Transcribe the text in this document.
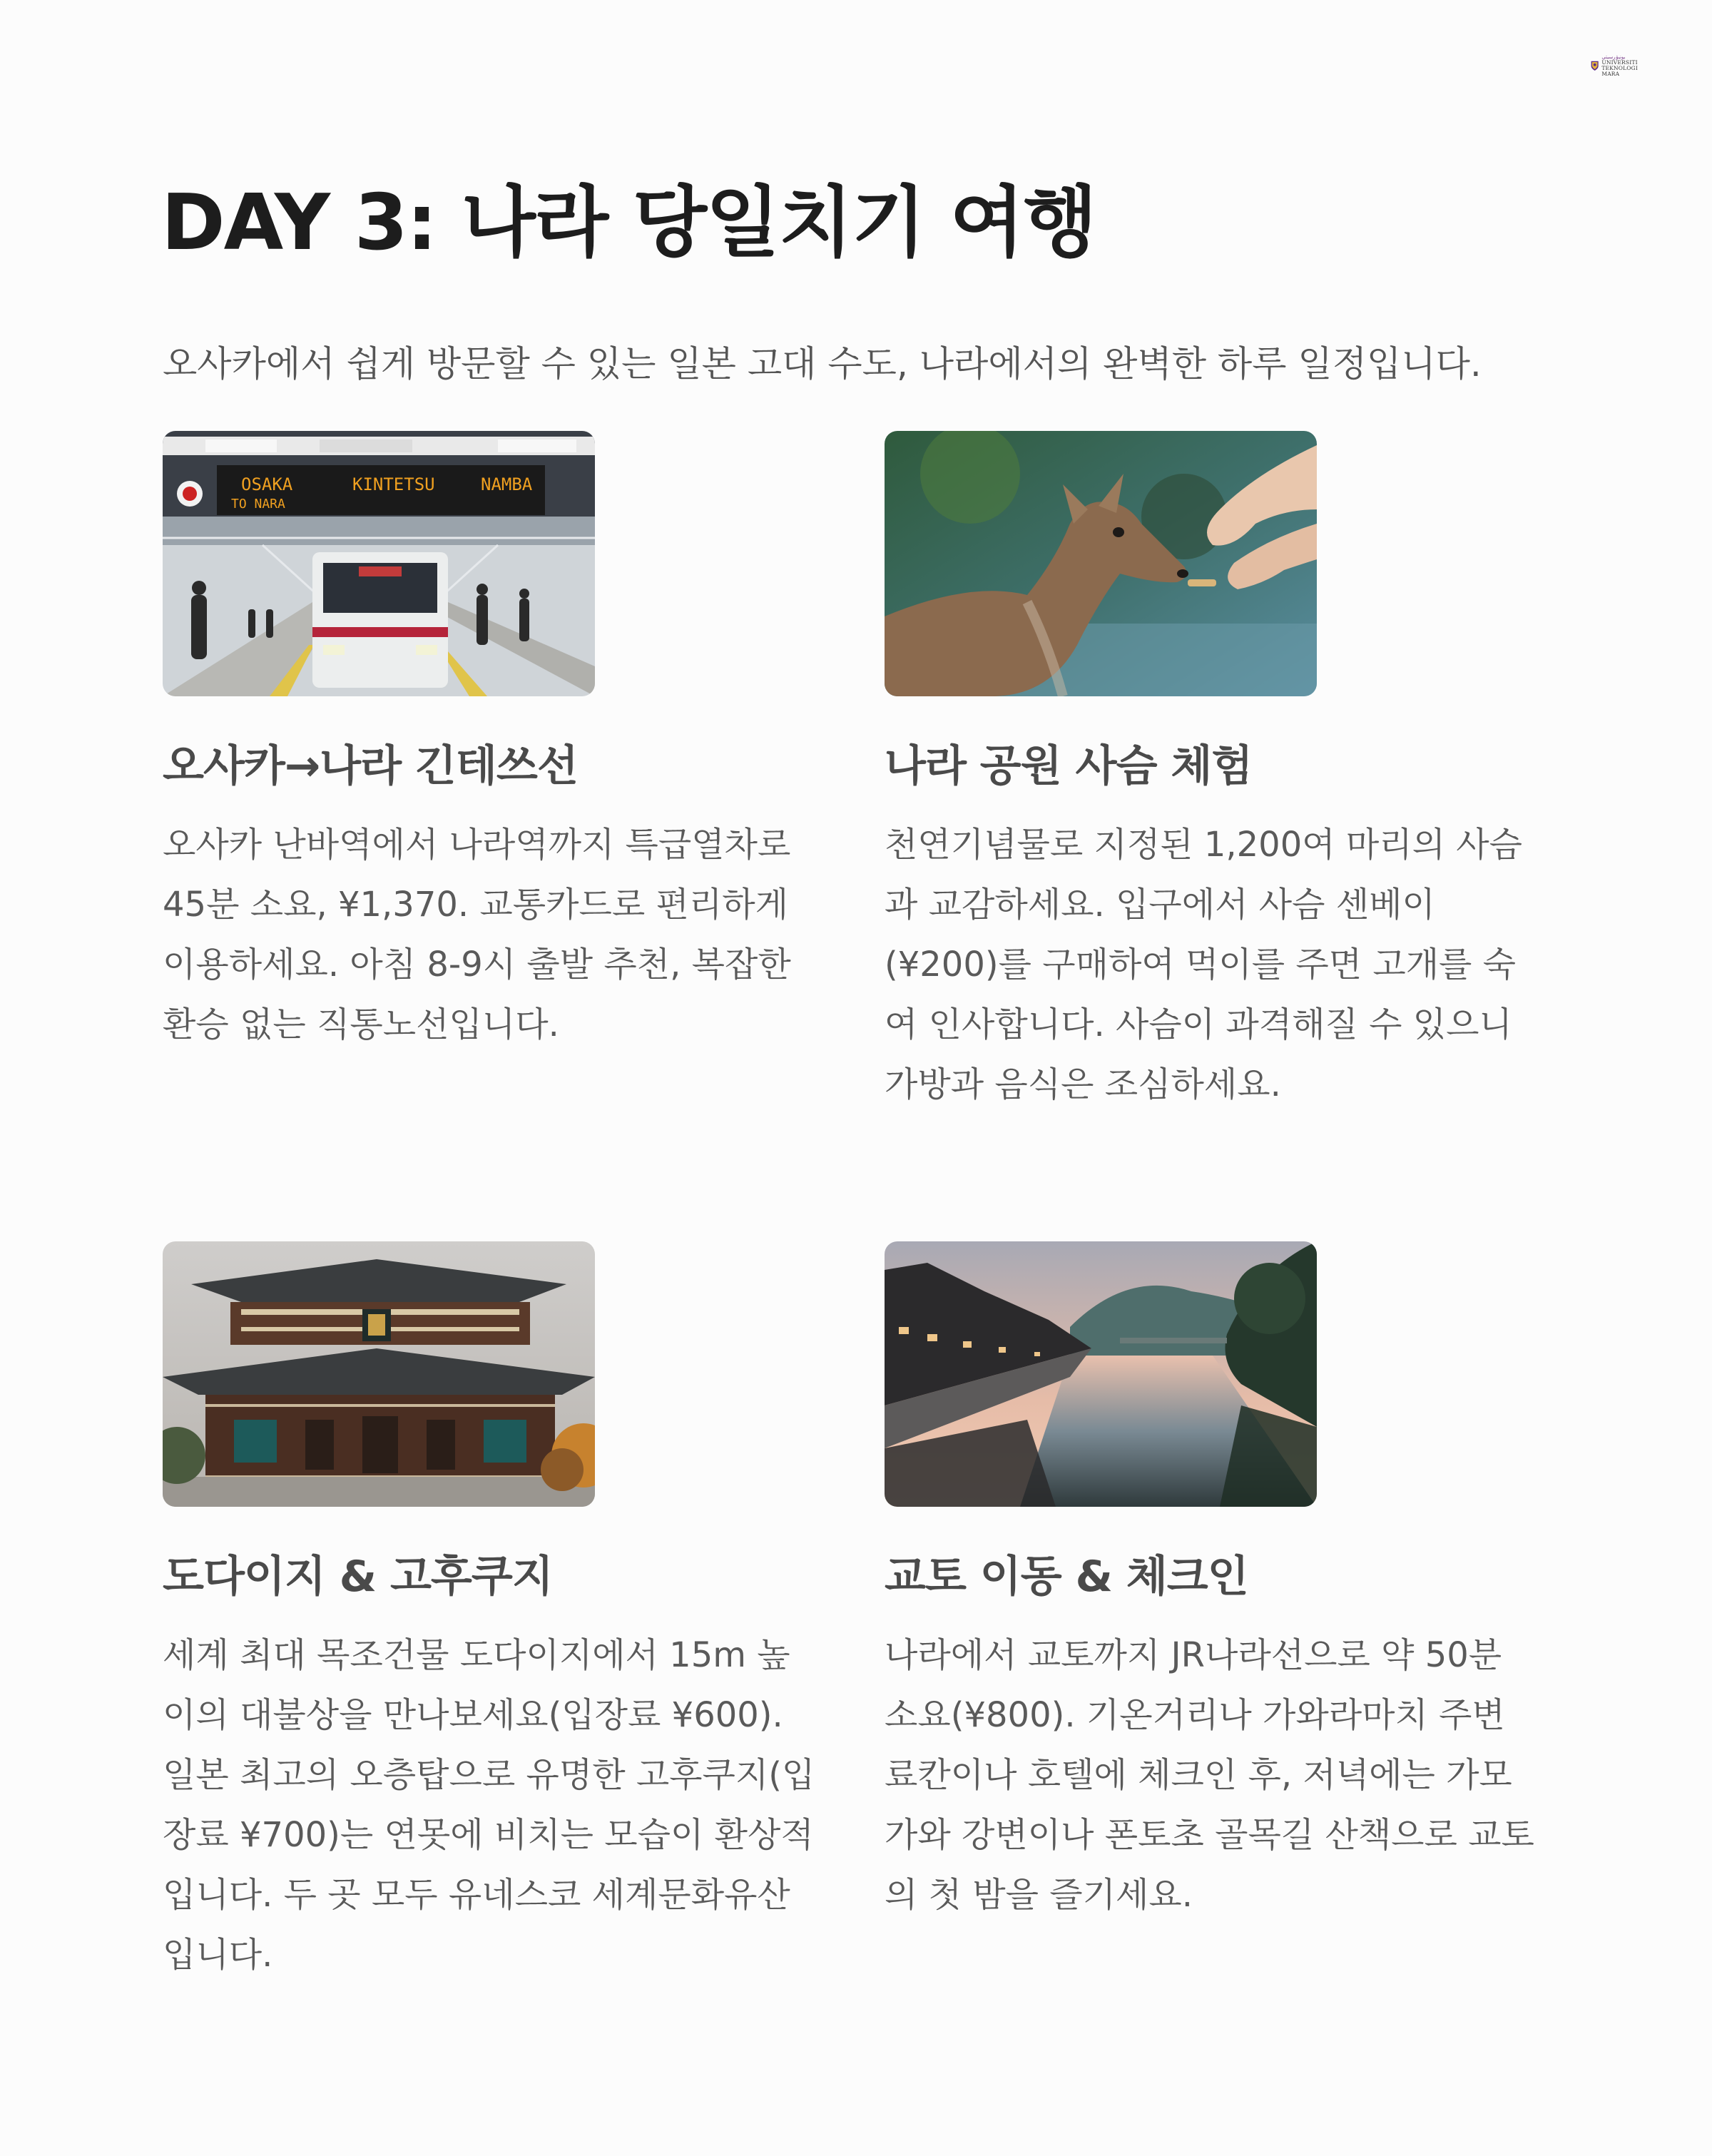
ﻳﻮﻧﻴۏرسيتي
UNIVERSITI
TEKNOLOGI
MARA
DAY 3: 나라 당일치기 여행

오사카에서 쉽게 방문할 수 있는 일본 고대 수도, 나라에서의 완벽한 하루 일정입니다.

OSAKA
TO NARA
KINTETSU	NAMBA
오사카→나라 긴테쓰선

오사카 난바역에서 나라역까지 특급열차로 45분 소요, ¥1,370. 교통카드로 편리하게 이용하세요. 아침 8-9시 출발 추천, 복잡한 환승 없는 직통노선입니다.

나라 공원 사슴 체험

천연기념물로 지정된 1,200여 마리의 사슴과 교감하세요. 입구에서 사슴 센베이(¥200)를 구매하여 먹이를 주면 고개를 숙여 인사합니다. 사슴이 과격해질 수 있으니 가방과 음식은 조심하세요.

도다이지 & 고후쿠지

세계 최대 목조건물 도다이지에서 15m 높이의 대불상을 만나보세요(입장료 ¥600). 일본 최고의 오층탑으로 유명한 고후쿠지(입장료 ¥700)는 연못에 비치는 모습이 환상적입니다. 두 곳 모두 유네스코 세계문화유산입니다.

교토 이동 & 체크인

나라에서 교토까지 JR나라선으로 약 50분 소요(¥800). 기온거리나 가와라마치 주변 료칸이나 호텔에 체크인 후, 저녁에는 가모가와 강변이나 폰토초 골목길 산책으로 교토의 첫 밤을 즐기세요.
